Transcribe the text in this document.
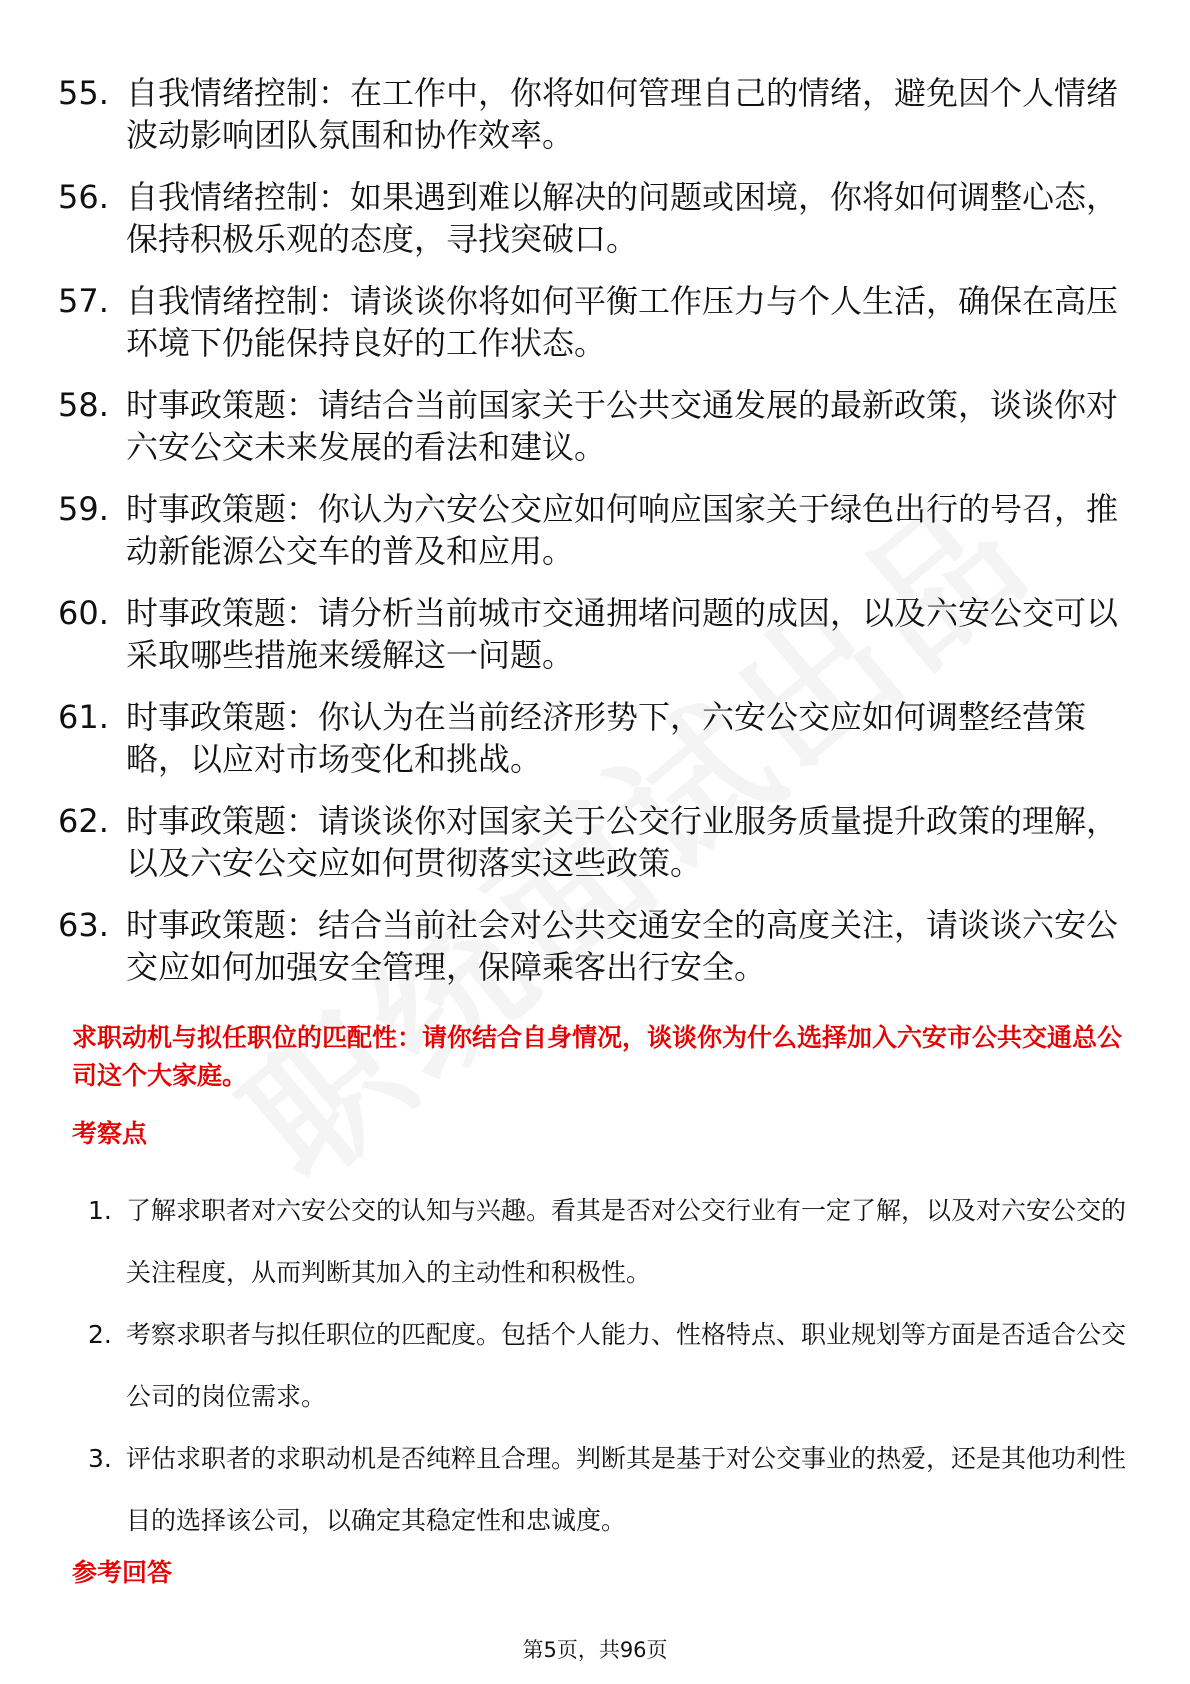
55. 自我情绪控制：在工作中，你将如何管理自己的情绪，避免因个人情绪波动影响团队氛围和协作效率。
56. 自我情绪控制：如果遇到难以解决的问题或困境，你将如何调整心态，保持积极乐观的态度，寻找突破口。
57. 自我情绪控制：请谈谈你将如何平衡工作压力与个人生活，确保在高压环境下仍能保持良好的工作状态。
58. 时事政策题：请结合当前国家关于公共交通发展的最新政策，谈谈你对六安公交未来发展的看法和建议。
59. 时事政策题：你认为六安公交应如何响应国家关于绿色出行的号召，推动新能源公交车的普及和应用。
60. 时事政策题：请分析当前城市交通拥堵问题的成因，以及六安公交可以采取哪些措施来缓解这一问题。
61. 时事政策题：你认为在当前经济形势下，六安公交应如何调整经营策略，以应对市场变化和挑战。
62. 时事政策题：请谈谈你对国家关于公交行业服务质量提升政策的理解，以及六安公交应如何贯彻落实这些政策。
63. 时事政策题：结合当前社会对公共交通安全的高度关注，请谈谈六安公交应如何加强安全管理，保障乘客出行安全。
求职动机与拟任职位的匹配性：请你结合自身情况，谈谈你为什么选择加入六安市公共交通总公司这个大家庭。
考察点
1. 了解求职者对六安公交的认知与兴趣。看其是否对公交行业有一定了解，以及对六安公交的关注程度，从而判断其加入的主动性和积极性。
2. 考察求职者与拟任职位的匹配度。包括个人能力、性格特点、职业规划等方面是否适合公交公司的岗位需求。
3. 评估求职者的求职动机是否纯粹且合理。判断其是基于对公交事业的热爱，还是其他功利性目的选择该公司，以确定其稳定性和忠诚度。
参考回答
第5页，共96页
